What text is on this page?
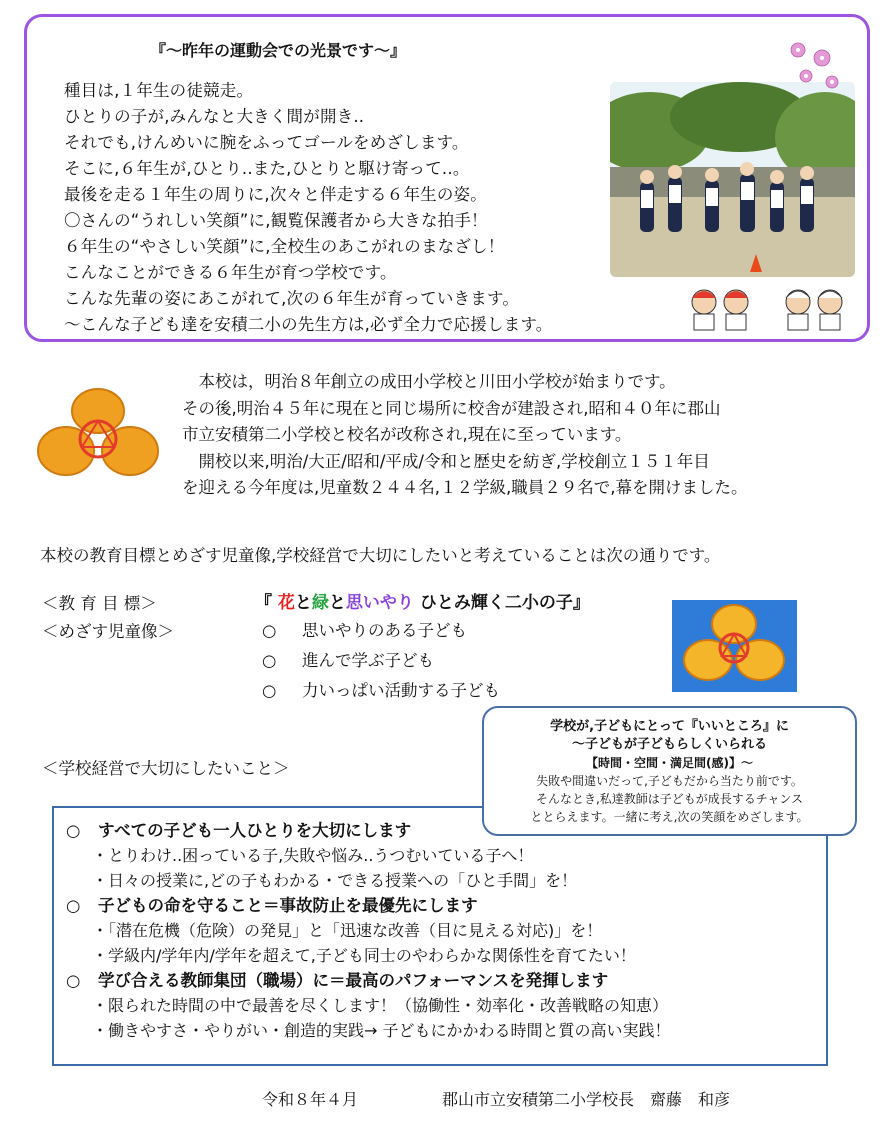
『～昨年の運動会での光景です～』
種目は,１年生の徒競走。
ひとりの子が,みんなと大きく間が開き..
それでも,けんめいに腕をふってゴールをめざします。
そこに,６年生が,ひとり..また,ひとりと駆け寄って..。
最後を走る１年生の周りに,次々と伴走する６年生の姿。
〇さんの“うれしい笑顔”に,観覧保護者から大きな拍手！
６年生の“やさしい笑顔”に,全校生のあこがれのまなざし！
こんなことができる６年生が育つ学校です。
こんな先輩の姿にあこがれて,次の６年生が育っていきます。
～こんな子ども達を安積二小の先生方は,必ず全力で応援します。
　本校は，明治８年創立の成田小学校と川田小学校が始まりです。
その後,明治４５年に現在と同じ場所に校舎が建設され,昭和４０年に郡山
市立安積第二小学校と校名が改称され,現在に至っています。
　開校以来,明治/大正/昭和/平成/令和と歴史を紡ぎ,学校創立１５１年目
を迎える今年度は,児童数２４４名,１２学級,職員２９名で,幕を開けました。
本校の教育目標とめざす児童像,学校経営で大切にしたいと考えていることは次の通りです。
＜教 育 目 標＞	『 花と緑と思いやり ひとみ輝く二小の子』
＜めざす児童像＞	○ 思いやりのある子ども
○ 進んで学ぶ子ども
○ 力いっぱい活動する子ども
＜学校経営で大切にしたいこと＞
○ すべての子ども一人ひとりを大切にします
・とりわけ..困っている子,失敗や悩み..うつむいている子へ！
・日々の授業に,どの子もわかる・できる授業への「ひと手間」を！
○ 子どもの命を守ること＝事故防止を最優先にします
・「潜在危機（危険）の発見」と「迅速な改善（目に見える対応)」を！
・学級内/学年内/学年を超えて,子ども同士のやわらかな関係性を育てたい！
○ 学び合える教師集団（職場）に＝最高のパフォーマンスを発揮します
・限られた時間の中で最善を尽くします！（協働性・効率化・改善戦略の知恵）
・働きやすさ・やりがい・創造的実践→ 子どもにかかわる時間と質の高い実践！
学校が,子どもにとって『いいところ』に
～子どもが子どもらしくいられる
【時間・空間・満足間(感)】～
失敗や間違いだって,子どもだから当たり前です。
そんなとき,私達教師は子どもが成長するチャンス
ととらえます。一緒に考え,次の笑顔をめざします。
令和８年４月	郡山市立安積第二小学校長　齋藤　和彦
